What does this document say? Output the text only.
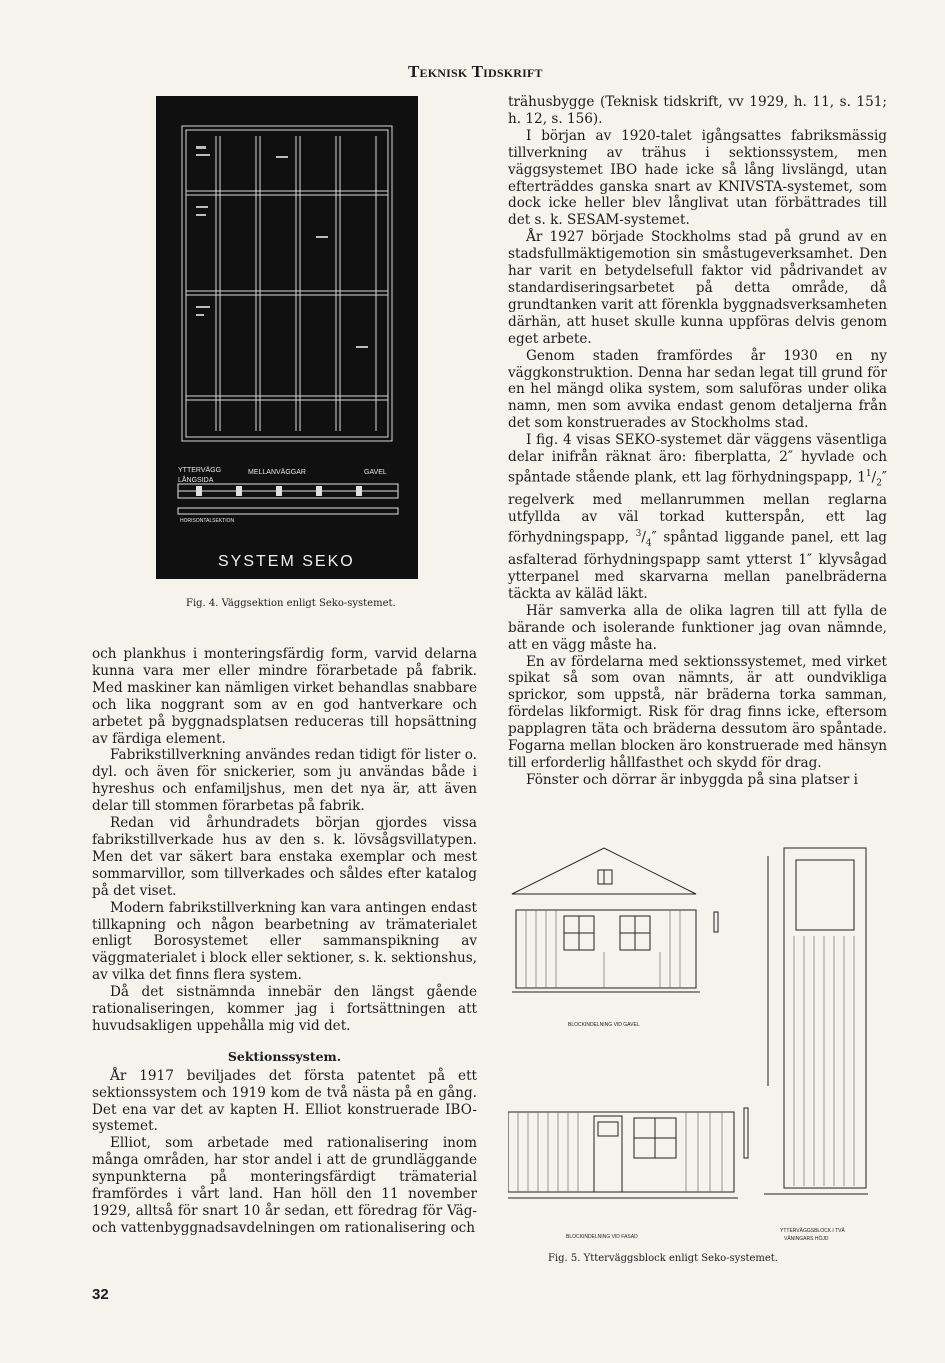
Teknisk Tidskrift
YTTERVÄGG
LÅNGSIDA
MELLANVÄGGAR	GAVEL
HORISONTALSEKTION
SYSTEM SEKO
Fig. 4. Väggsektion enligt Seko-systemet.

och plankhus i monteringsfärdig form, varvid delarna kunna vara mer eller mindre förarbetade på fabrik. Med maskiner kan nämligen virket behandlas snabbare och lika noggrant som av en god hantverkare och arbetet på byggnadsplatsen reduceras till hopsättning av färdiga element.

Fabrikstillverkning användes redan tidigt för lister o. dyl. och även för snickerier, som ju användas både i hyreshus och enfamiljshus, men det nya är, att även delar till stommen förarbetas på fabrik.

Redan vid århundradets början gjordes vissa fabrikstillverkade hus av den s. k. lövsågsvillatypen. Men det var säkert bara enstaka exemplar och mest sommarvillor, som tillverkades och såldes efter katalog på det viset.

Modern fabrikstillverkning kan vara antingen endast tillkapning och någon bearbetning av trämaterialet enligt Borosystemet eller sammanspikning av väggmaterialet i block eller sektioner, s. k. sektionshus, av vilka det finns flera system.

Då det sistnämnda innebär den längst gående rationaliseringen, kommer jag i fortsättningen att huvudsakligen uppehålla mig vid det.

Sektionssystem.

År 1917 beviljades det första patentet på ett sektionssystem och 1919 kom de två nästa på en gång. Det ena var det av kapten H. Elliot konstruerade IBO-systemet.

Elliot, som arbetade med rationalisering inom många områden, har stor andel i att de grundläggande synpunkterna på monteringsfärdigt trämaterial framfördes i vårt land. Han höll den 11 november 1929, alltså för snart 10 år sedan, ett föredrag för Väg- och vattenbyggnadsavdelningen om rationalisering och

trähusbygge (Teknisk tidskrift, vv 1929, h. 11, s. 151; h. 12, s. 156).

I början av 1920-talet igångsattes fabriksmässig tillverkning av trähus i sektionssystem, men väggsystemet IBO hade icke så lång livslängd, utan efterträddes ganska snart av KNIVSTA-systemet, som dock icke heller blev långlivat utan förbättrades till det s. k. SESAM-systemet.

År 1927 började Stockholms stad på grund av en stadsfullmäktigemotion sin småstugeverksamhet. Den har varit en betydelsefull faktor vid pådrivandet av standardiseringsarbetet på detta område, då grundtanken varit att förenkla byggnadsverksamheten därhän, att huset skulle kunna uppföras delvis genom eget arbete.

Genom staden framfördes år 1930 en ny väggkonstruktion. Denna har sedan legat till grund för en hel mängd olika system, som saluföras under olika namn, men som avvika endast genom detaljerna från det som konstruerades av Stockholms stad.

I fig. 4 visas SEKO-systemet där väggens väsentliga delar inifrån räknat äro: fiberplatta, 2″ hyvlade och spåntade stående plank, ett lag förhydningspapp, $1^1/_2''$ regelverk med mellanrummen mellan reglarna utfyllda av väl torkad kutterspån, ett lag förhydningspapp, $^3/_4''$ spåntad liggande panel, ett lag asfalterad förhydningspapp samt ytterst 1″ klyvsågad ytterpanel med skarvarna mellan panelbräderna täckta av käläd läkt.

Här samverka alla de olika lagren till att fylla de bärande och isolerande funktioner jag ovan nämnde, att en vägg måste ha.

En av fördelarna med sektionssystemet, med virket spikat så som ovan nämnts, är att oundvikliga sprickor, som uppstå, när bräderna torka samman, fördelas likformigt. Risk för drag finns icke, eftersom papplagren täta och bräderna dessutom äro spåntade. Fogarna mellan blocken äro konstruerade med hänsyn till erforderlig hållfasthet och skydd för drag.

Fönster och dörrar är inbyggda på sina platser i

BLOCKINDELNING VID GAVEL
BLOCKINDELNING VID FASAD
YTTERVÄGGSBLOCK I TVÅ
VÅNINGARS HÖJD
Fig. 5. Ytterväggsblock enligt Seko-systemet.
32
